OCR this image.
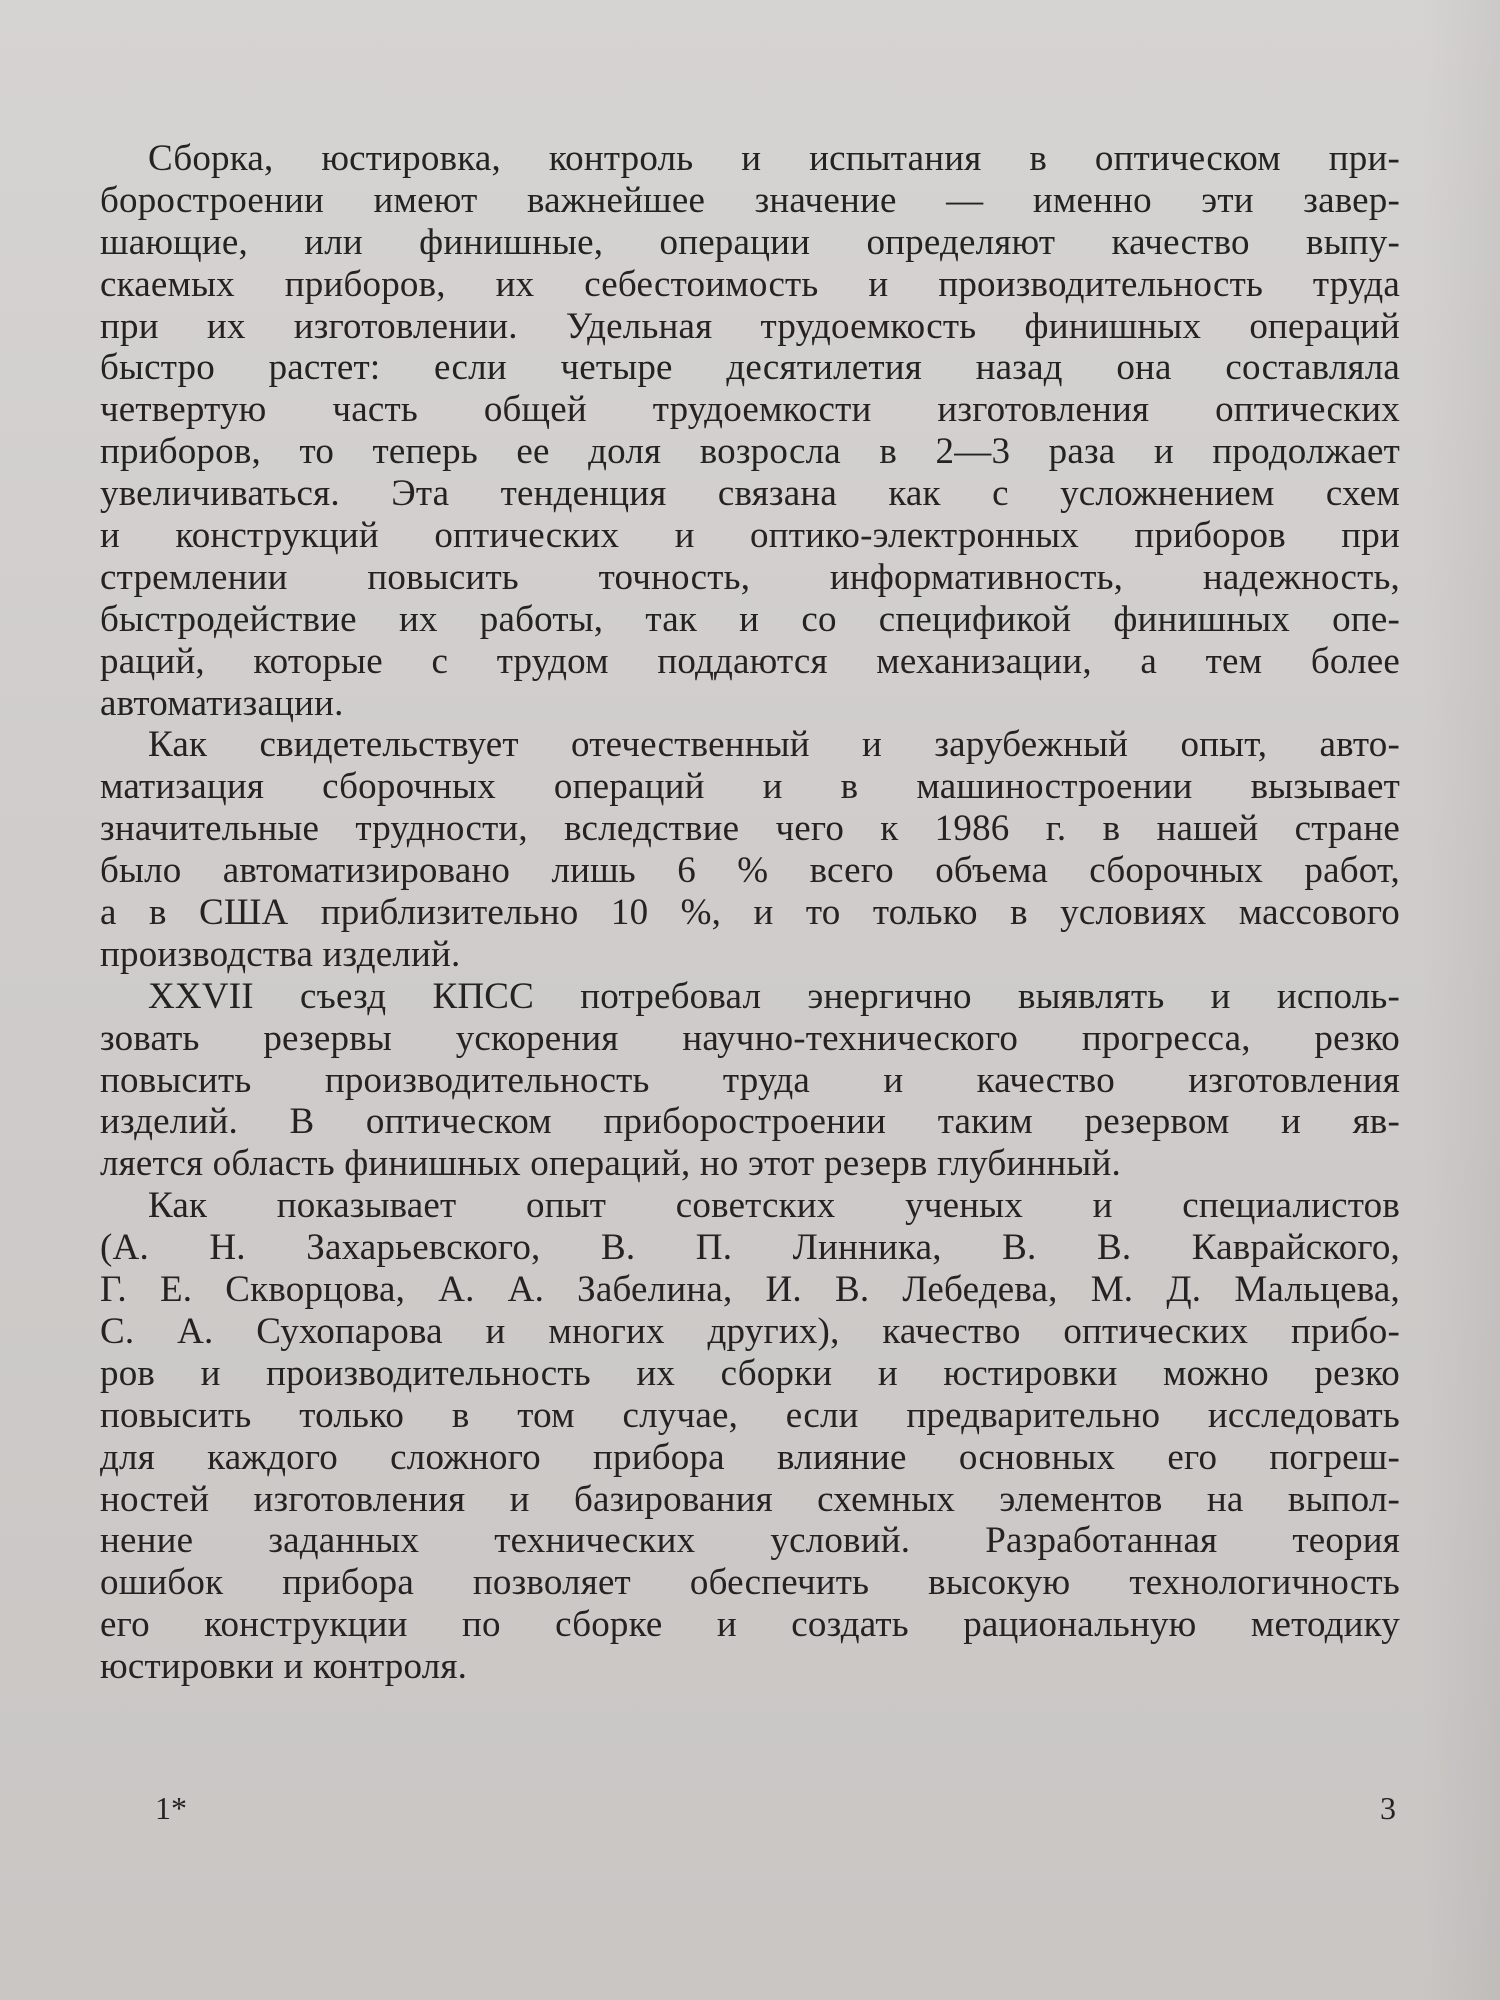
Сборка, юстировка, контроль и испытания в оптическом при-
боростроении имеют важнейшее значение — именно эти завер-
шающие, или финишные, операции определяют качество выпу-
скаемых приборов, их себестоимость и производительность труда
при их изготовлении. Удельная трудоемкость финишных операций
быстро растет: если четыре десятилетия назад она составляла
четвертую часть общей трудоемкости изготовления оптических
приборов, то теперь ее доля возросла в 2—3 раза и продолжает
увеличиваться. Эта тенденция связана как с усложнением схем
и конструкций оптических и оптико-электронных приборов при
стремлении повысить точность, информативность, надежность,
быстродействие их работы, так и со спецификой финишных опе-
раций, которые с трудом поддаются механизации, а тем более
автоматизации.
Как свидетельствует отечественный и зарубежный опыт, авто-
матизация сборочных операций и в машиностроении вызывает
значительные трудности, вследствие чего к 1986 г. в нашей стране
было автоматизировано лишь 6 % всего объема сборочных работ,
а в США приблизительно 10 %, и то только в условиях массового
производства изделий.
XXVII съезд КПСС потребовал энергично выявлять и исполь-
зовать резервы ускорения научно-технического прогресса, резко
повысить производительность труда и качество изготовления
изделий. В оптическом приборостроении таким резервом и яв-
ляется область финишных операций, но этот резерв глубинный.
Как показывает опыт советских ученых и специалистов
(А. Н. Захарьевского, В. П. Линника, В. В. Каврайского,
Г. Е. Скворцова, А. А. Забелина, И. В. Лебедева, М. Д. Мальцева,
С. А. Сухопарова и многих других), качество оптических прибо-
ров и производительность их сборки и юстировки можно резко
повысить только в том случае, если предварительно исследовать
для каждого сложного прибора влияние основных его погреш-
ностей изготовления и базирования схемных элементов на выпол-
нение заданных технических условий. Разработанная теория
ошибок прибора позволяет обеспечить высокую технологичность
его конструкции по сборке и создать рациональную методику
юстировки и контроля.
1*	3
